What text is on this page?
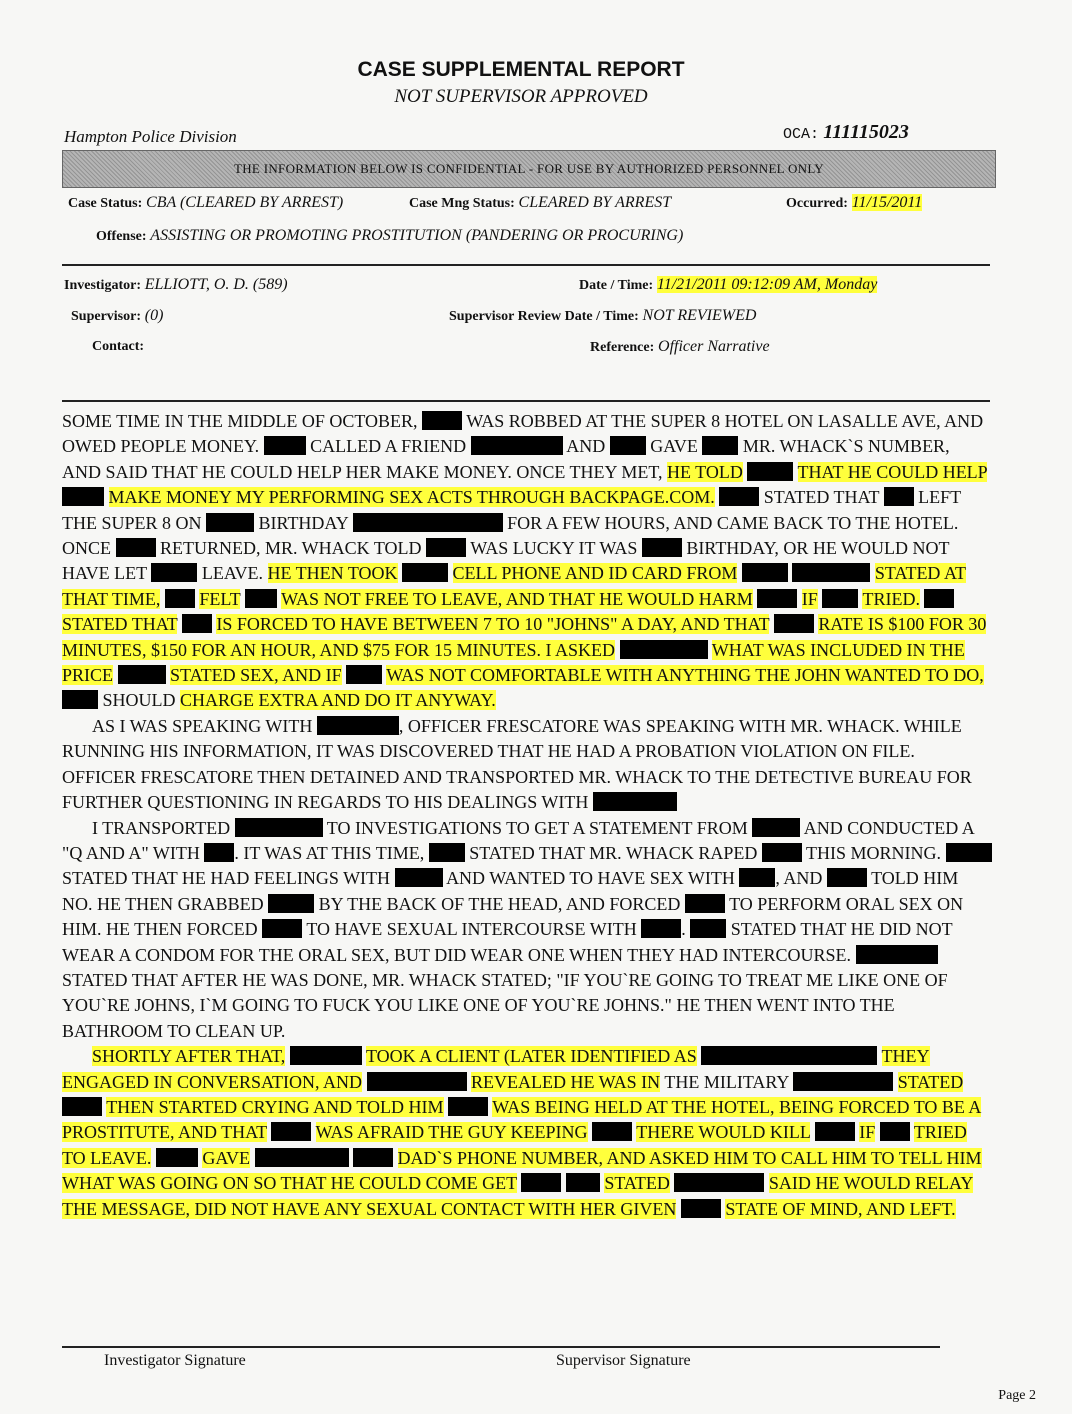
CASE SUPPLEMENTAL REPORT
NOT SUPERVISOR APPROVED
Hampton Police Division	OCA: 111115023
THE INFORMATION BELOW IS CONFIDENTIAL - FOR USE BY AUTHORIZED PERSONNEL ONLY
Case Status: CBA (CLEARED BY ARREST)	Case Mng Status: CLEARED BY ARREST	Occurred: 11/15/2011
Offense: ASSISTING OR PROMOTING PROSTITUTION (PANDERING OR PROCURING)
Investigator: ELLIOTT, O. D. (589)	Date / Time: 11/21/2011 09:12:09 AM, Monday
Supervisor: (0)	Supervisor Review Date / Time: NOT REVIEWED
Contact:	Reference: Officer Narrative

SOME TIME IN THE MIDDLE OF OCTOBER,	WAS ROBBED AT THE SUPER 8 HOTEL ON LASALLE AVE, AND OWED PEOPLE MONEY.	CALLED A FRIEND	AND	GAVE	MR. WHACK`S NUMBER, AND SAID THAT HE COULD HELP HER MAKE MONEY. ONCE THEY MET, HE TOLD	THAT HE COULD HELP  MAKE MONEY MY PERFORMING SEX ACTS THROUGH BACKPAGE.COM.	STATED THAT LEFT THE SUPER 8 ON	BIRTHDAY	FOR A FEW HOURS, AND CAME BACK TO THE HOTEL. ONCE	RETURNED, MR. WHACK TOLD	WAS LUCKY IT WAS	BIRTHDAY, OR HE WOULD NOT HAVE LET	LEAVE. HE THEN TOOK	CELL PHONE AND ID CARD FROM	STATED AT THAT TIME, FELT WAS NOT FREE TO LEAVE, AND THAT HE WOULD HARM	IF TRIED.  STATED THAT IS FORCED TO HAVE BETWEEN 7 TO 10 "JOHNS" A DAY, AND THAT	RATE IS $100 FOR 30 MINUTES, $150 FOR AN HOUR, AND $75 FOR 15 MINUTES. I ASKED	WHAT WAS INCLUDED IN THE PRICE	STATED SEX, AND IF WAS NOT COMFORTABLE WITH ANYTHING THE JOHN WANTED TO DO,  SHOULD CHARGE EXTRA AND DO IT ANYWAY.

AS I WAS SPEAKING WITH	, OFFICER FRESCATORE WAS SPEAKING WITH MR. WHACK. WHILE RUNNING HIS INFORMATION, IT WAS DISCOVERED THAT HE HAD A PROBATION VIOLATION ON FILE. OFFICER FRESCATORE THEN DETAINED AND TRANSPORTED MR. WHACK TO THE DETECTIVE BUREAU FOR FURTHER QUESTIONING IN REGARDS TO HIS DEALINGS WITH

I TRANSPORTED	TO INVESTIGATIONS TO GET A STATEMENT FROM	AND CONDUCTED A "Q AND A" WITH . IT WAS AT THIS TIME,	STATED THAT MR. WHACK RAPED	THIS MORNING.  STATED THAT HE HAD FEELINGS WITH	AND WANTED TO HAVE SEX WITH , AND	TOLD HIM NO. HE THEN GRABBED	BY THE BACK OF THE HEAD, AND FORCED	TO PERFORM ORAL SEX ON HIM. HE THEN FORCED	TO HAVE SEXUAL INTERCOURSE WITH .	STATED THAT HE DID NOT WEAR A CONDOM FOR THE ORAL SEX, BUT DID WEAR ONE WHEN THEY HAD INTERCOURSE.  STATED THAT AFTER HE WAS DONE, MR. WHACK STATED; "IF YOU`RE GOING TO TREAT ME LIKE ONE OF YOU`RE JOHNS, I`M GOING TO FUCK YOU LIKE ONE OF YOU`RE JOHNS." HE THEN WENT INTO THE BATHROOM TO CLEAN UP.

SHORTLY AFTER THAT,	TOOK A CLIENT (LATER IDENTIFIED AS	THEY ENGAGED IN CONVERSATION, AND	REVEALED HE WAS IN THE MILITARY	STATED  THEN STARTED CRYING AND TOLD HIM	WAS BEING HELD AT THE HOTEL, BEING FORCED TO BE A PROSTITUTE, AND THAT	WAS AFRAID THE GUY KEEPING	THERE WOULD KILL	IF TRIED TO LEAVE.	GAVE	DAD`S PHONE NUMBER, AND ASKED HIM TO CALL HIM TO TELL HIM WHAT WAS GOING ON SO THAT HE COULD COME GET	STATED	SAID HE WOULD RELAY THE MESSAGE, DID NOT HAVE ANY SEXUAL CONTACT WITH HER GIVEN	STATE OF MIND, AND LEFT.

Investigator Signature	Supervisor Signature
Page 2
